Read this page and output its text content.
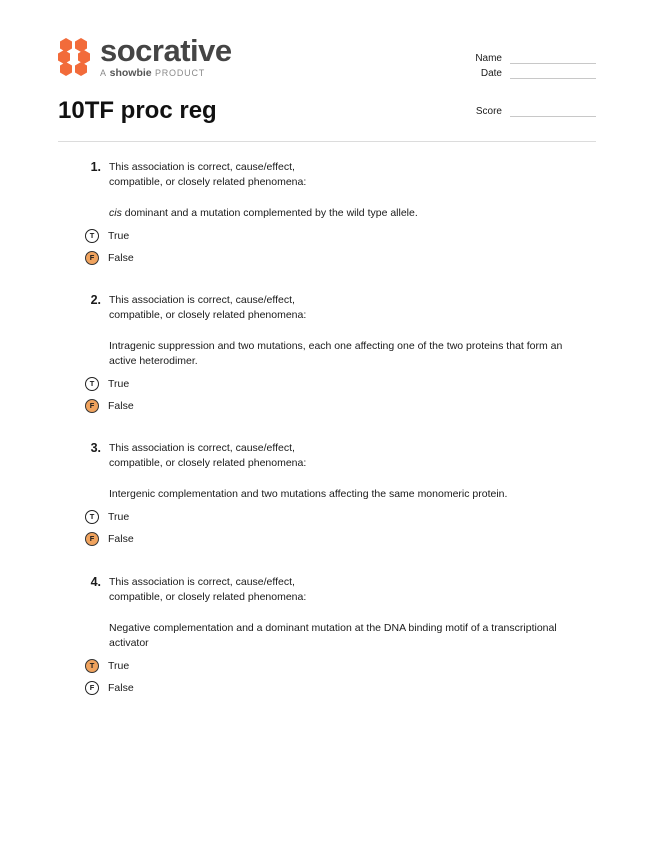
socrative
A showbie PRODUCT
Name
Date
Score
10TF proc reg
1. This association is correct, cause/effect,
compatible, or closely related phenomena:
cis dominant and a mutation complemented by the wild type allele.
T	True
F	False
2. This association is correct, cause/effect,
compatible, or closely related phenomena:
Intragenic suppression and two mutations, each one affecting one of the two proteins that form an active heterodimer.
T	True
F	False
3. This association is correct, cause/effect,
compatible, or closely related phenomena:
Intergenic complementation and two mutations affecting the same monomeric protein.
T	True
F	False
4. This association is correct, cause/effect,
compatible, or closely related phenomena:
Negative complementation and a dominant mutation at the DNA binding motif of a transcriptional activator
T	True
F	False
